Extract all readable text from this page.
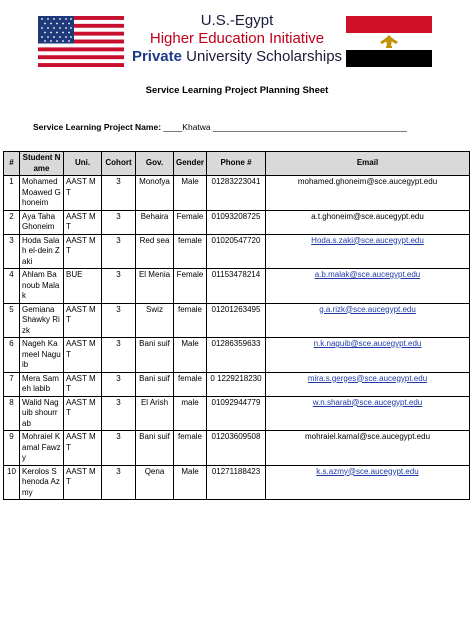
U.S.-Egypt
Higher Education Initiative
Private University Scholarships
Service Learning Project Planning Sheet
Service Learning Project Name: ____Khatwa _________________________________________
#	Student Name	Uni.	Cohort	Gov.	Gender	Phone #	Email
1	Mohamed Moawed Ghoneim	AAST MT	3	Monofya	Male	01283223041	mohamed.ghoneim@sce.aucegypt.edu
2	Aya Taha Ghoneim	AAST MT	3	Behaira	Female	01093208725	a.t.ghoneim@sce.aucegypt.edu
3	Hoda Salah el-dein Zaki	AAST MT	3	Red sea	female	01020547720	Hoda.s.zaki@sce.aucegypt.edu
4	Ahlam Banoub Malak	BUE	3	El Menia	Female	01153478214	a.b.malak@sce.aucegypt.edu
5	Gemiana Shawky Rizk	AAST MT	3	Swiz	female	01201263495	g.a.rizk@sce.aucegypt.edu
6	Nageh Kameel Naguib	AAST MT	3	Bani suif	Male	01286359633	n.k.naguib@sce.aucegypt.edu
7	Mera Sameh labib	AAST MT	3	Bani suif	female	0 1229218230	mira.s.gerges@sce.aucegypt.edu
8	Walid Naguib shourrab	AAST MT	3	El Arish	male	01092944779	w.n.sharab@sce.aucegypt.edu
9	Mohraiel Kamal Fawzy	AAST MT	3	Bani suif	female	01203609508	mohraiel.kamal@sce.aucegypt.edu
10	Kerolos Shenoda Azmy	AAST MT	3	Qena	Male	01271188423	k.s.azmy@sce.aucegypt.edu
